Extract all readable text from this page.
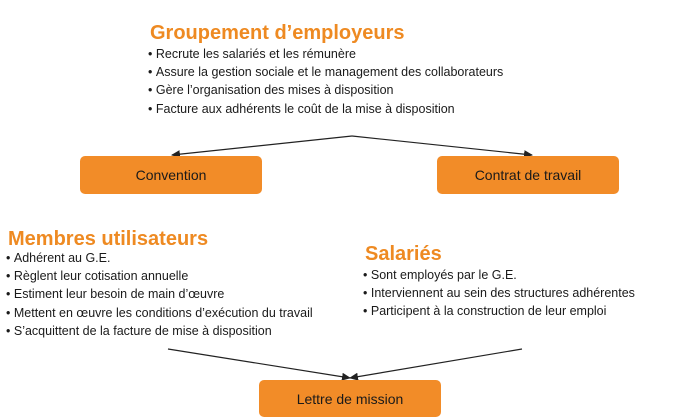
Groupement d’employeurs
• Recrute les salariés et les rémunère
• Assure la gestion sociale et le management des collaborateurs
• Gère l’organisation des mises à disposition
• Facture aux adhérents le coût de la mise à disposition
Convention	Contrat de travail
Membres utilisateurs
• Adhérent au G.E.
• Règlent leur cotisation annuelle
• Estiment leur besoin de main d’œuvre
• Mettent en œuvre les conditions d’exécution du travail
• S’acquittent de la facture de mise à disposition
Salariés
• Sont employés par le G.E.
• Interviennent au sein des structures adhérentes
• Participent à la construction de leur emploi
Lettre de mission
